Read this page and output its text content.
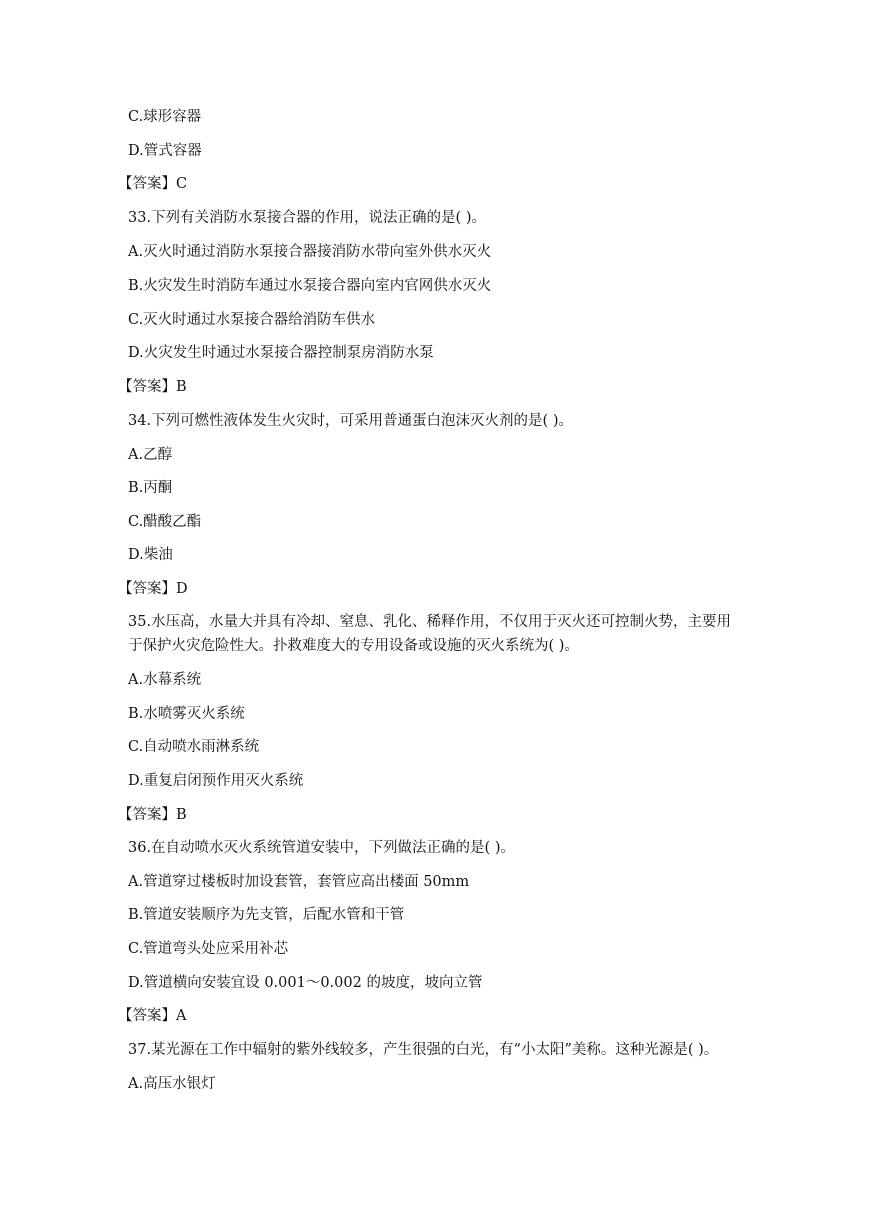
C.球形容器
D.管式容器
【答案】C
33.下列有关消防水泵接合器的作用，说法正确的是( )。
A.灭火时通过消防水泵接合器接消防水带向室外供水灭火
B.火灾发生时消防车通过水泵接合器向室内官网供水灭火
C.灭火时通过水泵接合器给消防车供水
D.火灾发生时通过水泵接合器控制泵房消防水泵
【答案】B
34.下列可燃性液体发生火灾时，可采用普通蛋白泡沫灭火剂的是( )。
A.乙醇
B.丙酮
C.醋酸乙酯
D.柴油
【答案】D
35.水压高，水量大并具有冷却、窒息、乳化、稀释作用，不仅用于灭火还可控制火势，主要用
于保护火灾危险性大。扑救难度大的专用设备或设施的灭火系统为( )。
A.水幕系统
B.水喷雾灭火系统
C.自动喷水雨淋系统
D.重复启闭预作用灭火系统
【答案】B
36.在自动喷水灭火系统管道安装中，下列做法正确的是( )。
A.管道穿过楼板时加设套管，套管应高出楼面 50mm
B.管道安装顺序为先支管，后配水管和干管
C.管道弯头处应采用补芯
D.管道横向安装宜设 0.001～0.002 的坡度，坡向立管
【答案】A
37.某光源在工作中辐射的紫外线较多，产生很强的白光，有“小太阳”美称。这种光源是( )。
A.高压水银灯
